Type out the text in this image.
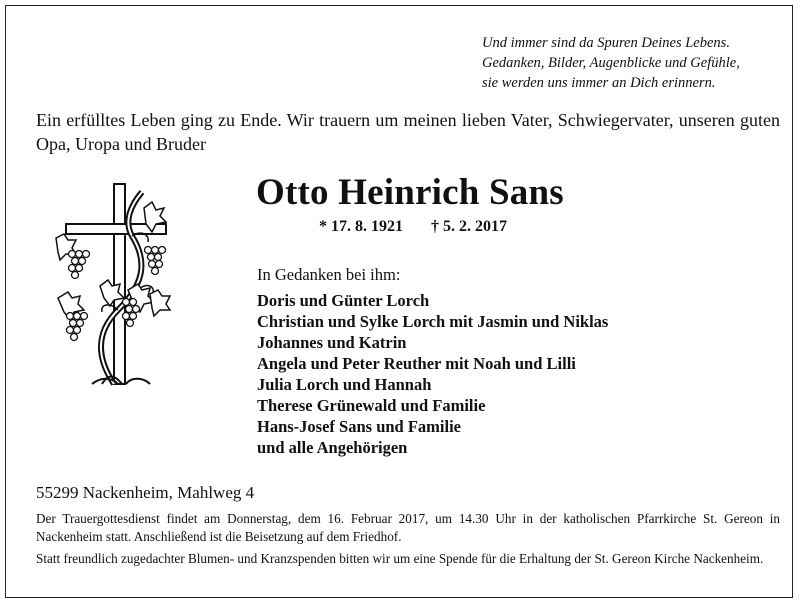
Und immer sind da Spuren Deines Lebens.
Gedanken, Bilder, Augenblicke und Gefühle,
sie werden uns immer an Dich erinnern.
Ein erfülltes Leben ging zu Ende. Wir trauern um meinen lieben Vater, Schwiegervater, unseren guten Opa, Uropa und Bruder
Otto Heinrich Sans
* 17. 8. 1921 † 5. 2. 2017
In Gedanken bei ihm:
Doris und Günter Lorch
Christian und Sylke Lorch mit Jasmin und Niklas
Johannes und Katrin
Angela und Peter Reuther mit Noah und Lilli
Julia Lorch und Hannah
Therese Grünewald und Familie
Hans-Josef Sans und Familie
und alle Angehörigen
55299 Nackenheim, Mahlweg 4

Der Trauergottesdienst findet am Donnerstag, dem 16. Februar 2017, um 14.30 Uhr in der katholischen Pfarrkirche St. Gereon in Nackenheim statt. Anschließend ist die Beisetzung auf dem Friedhof.

Statt freundlich zugedachter Blumen- und Kranzspenden bitten wir um eine Spende für die Erhaltung der St. Gereon Kirche Nackenheim.
